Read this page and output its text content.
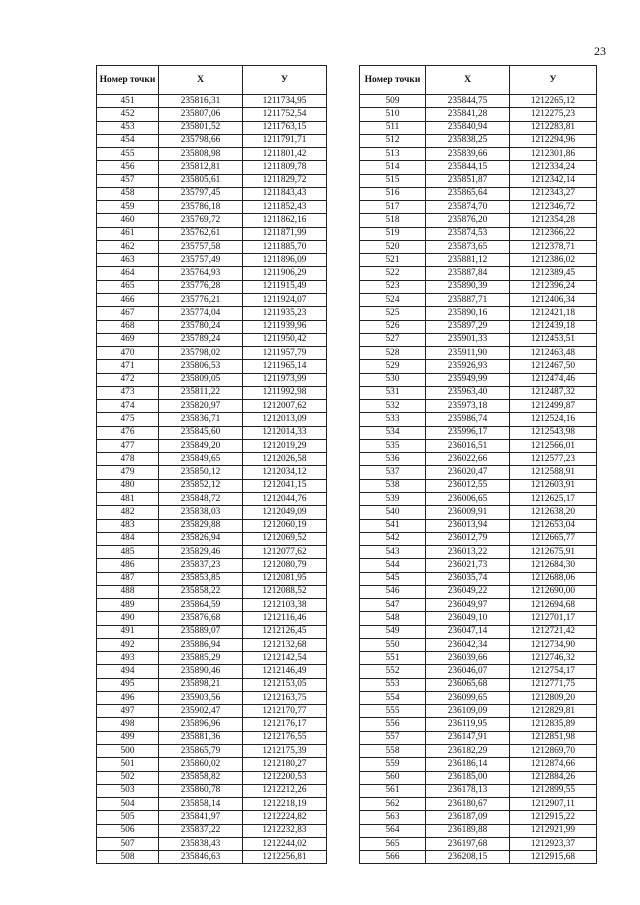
23
Номер точки	Х	У
451	235816,31	1211734,95
452	235807,06	1211752,54
453	235801,52	1211763,15
454	235798,66	1211791,71
455	235808,98	1211801,42
456	235812,81	1211809,78
457	235805,61	1211829,72
458	235797,45	1211843,43
459	235786,18	1211852,43
460	235769,72	1211862,16
461	235762,61	1211871,99
462	235757,58	1211885,70
463	235757,49	1211896,09
464	235764,93	1211906,29
465	235776,28	1211915,49
466	235776,21	1211924,07
467	235774,04	1211935,23
468	235780,24	1211939,96
469	235789,24	1211950,42
470	235798,02	1211957,79
471	235806,53	1211965,14
472	235809,05	1211973,99
473	235811,22	1211992,98
474	235820,97	1212007,62
475	235836,71	1212013,09
476	235845,60	1212014,33
477	235849,20	1212019,29
478	235849,65	1212026,58
479	235850,12	1212034,12
480	235852,12	1212041,15
481	235848,72	1212044,76
482	235838,03	1212049,09
483	235829,88	1212060,19
484	235826,94	1212069,52
485	235829,46	1212077,62
486	235837,23	1212080,79
487	235853,85	1212081,95
488	235858,22	1212088,52
489	235864,59	1212103,38
490	235876,68	1212116,46
491	235889,07	1212126,45
492	235886,94	1212132,68
493	235885,29	1212142,54
494	235890,46	1212146,49
495	235898,21	1212153,05
496	235903,56	1212163,75
497	235902,47	1212170,77
498	235896,96	1212176,17
499	235881,36	1212176,55
500	235865,79	1212175,39
501	235860,02	1212180,27
502	235858,82	1212200,53
503	235860,78	1212212,26
504	235858,14	1212218,19
505	235841,97	1212224,82
506	235837,22	1212232,83
507	235838,43	1212244,02
508	235846,63	1212256,81
Номер точки	Х	У
509	235844,75	1212265,12
510	235841,28	1212275,23
511	235840,94	1212283,81
512	235838,25	1212294,96
513	235839,66	1212301,86
514	235844,15	1212334,24
515	235851,87	1212342,14
516	235865,64	1212343,27
517	235874,70	1212346,72
518	235876,20	1212354,28
519	235874,53	1212366,22
520	235873,65	1212378,71
521	235881,12	1212386,02
522	235887,84	1212389,45
523	235890,39	1212396,24
524	235887,71	1212406,34
525	235890,16	1212421,18
526	235897,29	1212439,18
527	235901,33	1212453,51
528	235911,90	1212463,48
529	235926,93	1212467,50
530	235949,99	1212474,46
531	235963,40	1212487,32
532	235973,18	1212499,87
533	235986,74	1212524,16
534	235996,17	1212543,98
535	236016,51	1212566,01
536	236022,66	1212577,23
537	236020,47	1212588,91
538	236012,55	1212603,91
539	236006,65	1212625,17
540	236009,91	1212638,20
541	236013,94	1212653,04
542	236012,79	1212665,77
543	236013,22	1212675,91
544	236021,73	1212684,30
545	236035,74	1212688,06
546	236049,22	1212690,00
547	236049,97	1212694,68
548	236049,10	1212701,17
549	236047,14	1212721,42
550	236042,34	1212734,90
551	236039,66	1212746,32
552	236046,07	1212754,17
553	236065,68	1212771,75
554	236099,65	1212809,20
555	236109,09	1212829,81
556	236119,95	1212835,89
557	236147,91	1212851,98
558	236182,29	1212869,70
559	236186,14	1212874,66
560	236185,00	1212884,26
561	236178,13	1212899,55
562	236180,67	1212907,11
563	236187,09	1212915,22
564	236189,88	1212921,99
565	236197,68	1212923,37
566	236208,15	1212915,68
